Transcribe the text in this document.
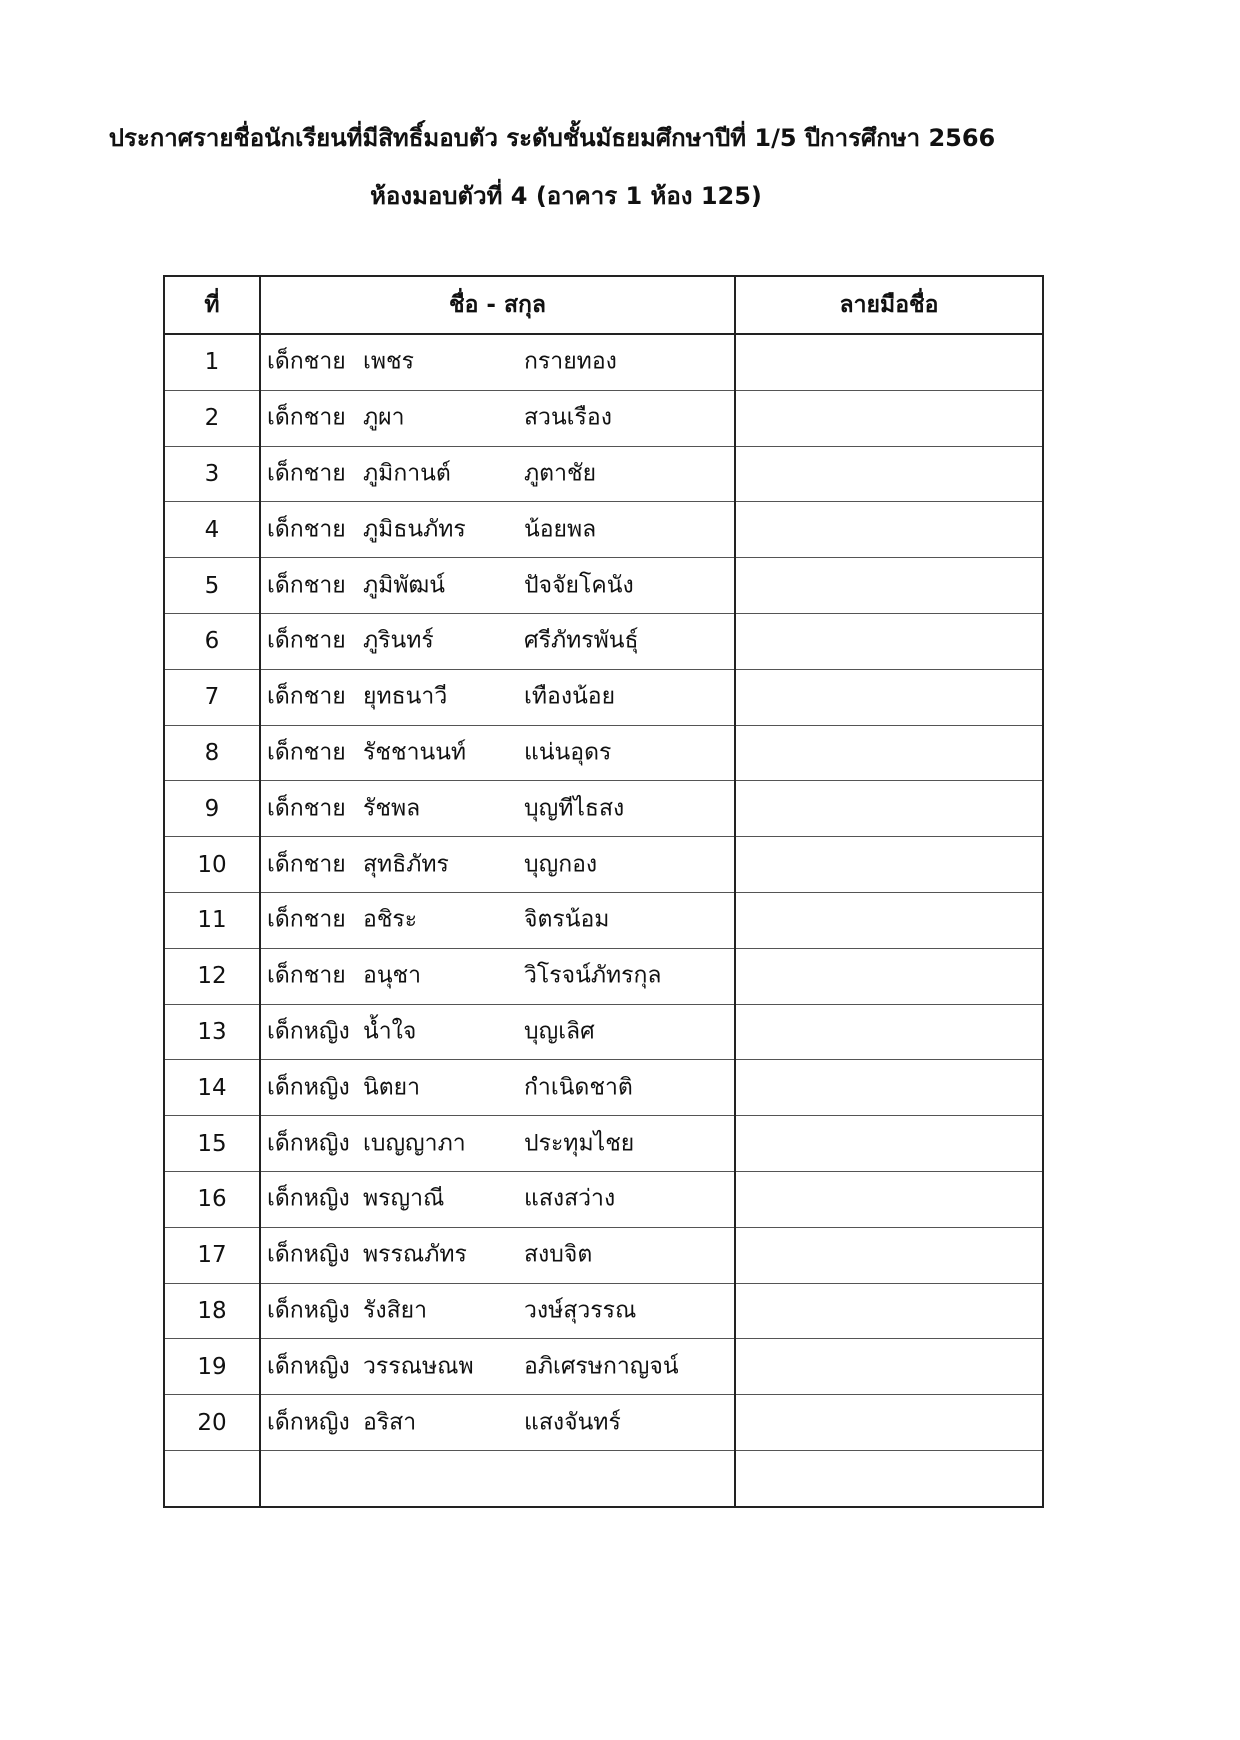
ประกาศรายชื่อนักเรียนที่มีสิทธิ์มอบตัว ระดับชั้นมัธยมศึกษาปีที่ 1/5 ปีการศึกษา 2566
ห้องมอบตัวที่ 4 (อาคาร 1 ห้อง 125)
ที่	ชื่อ - สกุล	ลายมือชื่อ
1	เด็กชาย เพชร กรายทอง	

2	เด็กชาย ภูผา สวนเรือง	

3	เด็กชาย ภูมิกานต์ ภูตาชัย	

4	เด็กชาย ภูมิธนภัทร น้อยพล	

5	เด็กชาย ภูมิพัฒน์ ปัจจัยโคนัง	

6	เด็กชาย ภูรินทร์ ศรีภัทรพันธุ์	

7	เด็กชาย ยุทธนาวี เทืองน้อย	

8	เด็กชาย รัชชานนท์ แน่นอุดร	

9	เด็กชาย รัชพล บุญทีไธสง	

10	เด็กชาย สุทธิภัทร บุญกอง	

11	เด็กชาย อชิระ จิตรน้อม	

12	เด็กชาย อนุชา วิโรจน์ภัทรกุล	

13	เด็กหญิง น้ำใจ บุญเลิศ	

14	เด็กหญิง นิตยา กำเนิดชาติ	

15	เด็กหญิง เบญญาภา ประทุมไชย	

16	เด็กหญิง พรญาณี แสงสว่าง	

17	เด็กหญิง พรรณภัทร สงบจิต	

18	เด็กหญิง รังสิยา วงษ์สุวรรณ	

19	เด็กหญิง วรรณษณพ อภิเศรษกาญจน์	

20	เด็กหญิง อริสา แสงจันทร์	
